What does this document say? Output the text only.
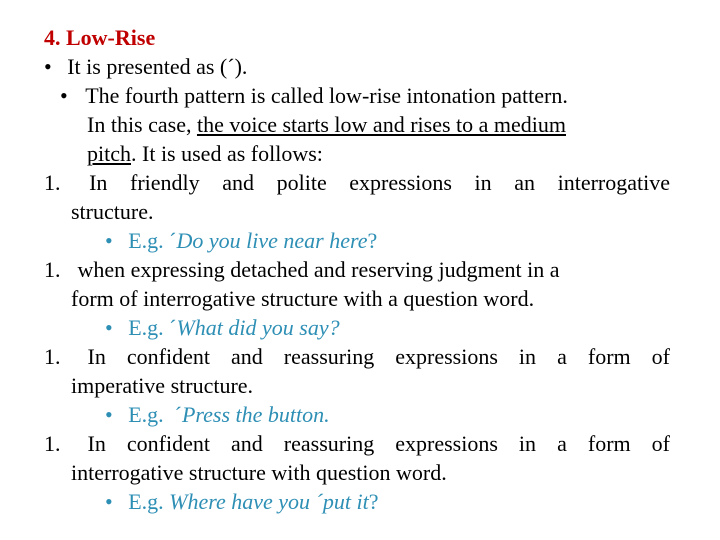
4. Low-Rise
• It is presented as (´).
• The fourth pattern is called low-rise intonation pattern.
In this case, the voice starts low and rises to a medium
pitch. It is used as follows:
1. In friendly and polite expressions in an interrogative
structure.
• E.g. ´Do you live near here?
1.  when expressing detached and reserving judgment in a
form of interrogative structure with a question word.
• E.g. ´What did you say?
1. In confident and reassuring expressions in a form of
imperative structure.
• E.g.  ´Press the button.
1. In confident and reassuring expressions in a form of
interrogative structure with question word.
• E.g. Where have you ´put it?
